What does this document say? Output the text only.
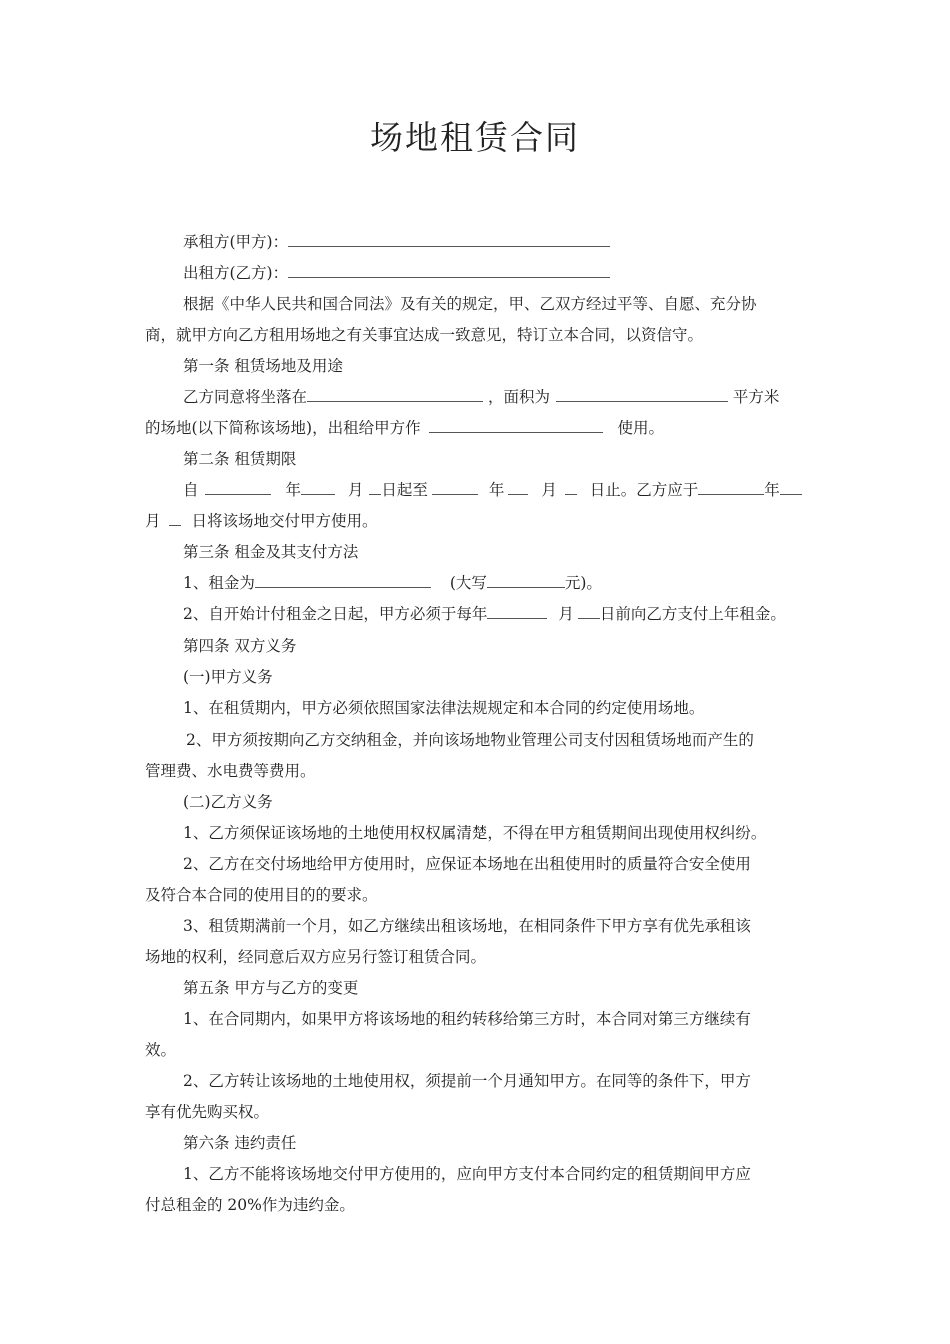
场地租赁合同
承租方(甲方)：
出租方(乙方)：
根据《中华人民共和国合同法》及有关的规定，甲、乙双方经过平等、自愿、充分协
商，就甲方向乙方租用场地之有关事宜达成一致意见，特订立本合同，以资信守。
第一条 租赁场地及用途
乙方同意将坐落在	，面积为	平方米
的场地(以下简称该场地)，出租给甲方作	使用。
第二条 租赁期限
自	年	月 日起至	年 月 日止。乙方应于	年
月 日将该场地交付甲方使用。
第三条 租金及其支付方法
1、租金为	(大写	元)。
2、自开始计付租金之日起，甲方必须于每年	月 日前向乙方支付上年租金。
第四条 双方义务
(一)甲方义务
1、在租赁期内，甲方必须依照国家法律法规规定和本合同的约定使用场地。
2、甲方须按期向乙方交纳租金，并向该场地物业管理公司支付因租赁场地而产生的
管理费、水电费等费用。
(二)乙方义务
1、乙方须保证该场地的土地使用权权属清楚，不得在甲方租赁期间出现使用权纠纷。
2、乙方在交付场地给甲方使用时，应保证本场地在出租使用时的质量符合安全使用
及符合本合同的使用目的的要求。
3、租赁期满前一个月，如乙方继续出租该场地，在相同条件下甲方享有优先承租该
场地的权利，经同意后双方应另行签订租赁合同。
第五条 甲方与乙方的变更
1、在合同期内，如果甲方将该场地的租约转移给第三方时，本合同对第三方继续有
效。
2、乙方转让该场地的土地使用权，须提前一个月通知甲方。在同等的条件下，甲方
享有优先购买权。
第六条 违约责任
1、乙方不能将该场地交付甲方使用的，应向甲方支付本合同约定的租赁期间甲方应
付总租金的 20%作为违约金。
